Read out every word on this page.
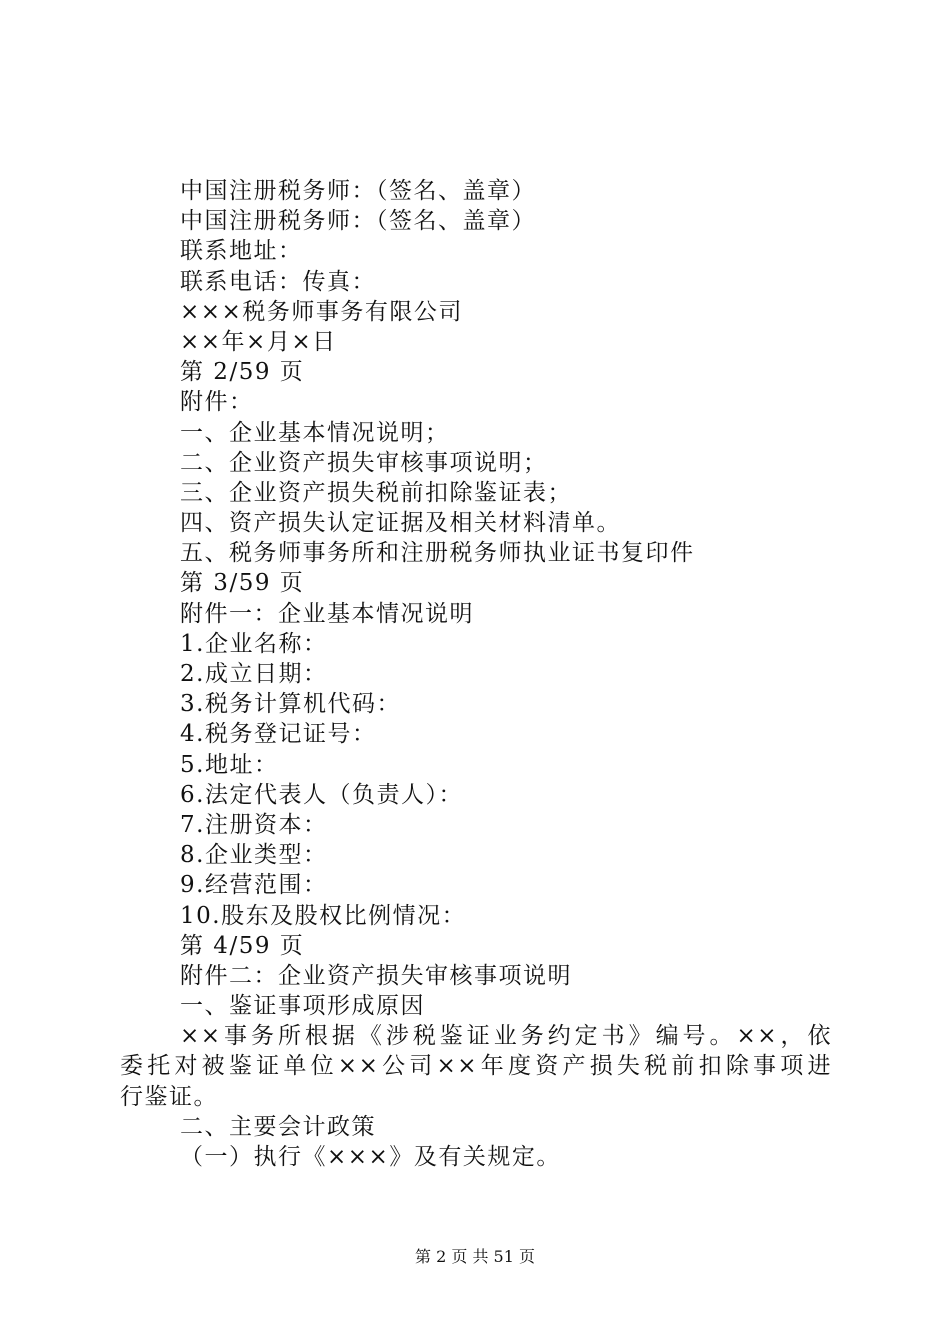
中国注册税务师：（签名、盖章）
中国注册税务师：（签名、盖章）
联系地址：
联系电话：传真：
×××税务师事务有限公司
××年×月×日
第 2/59 页
附件：
一、企业基本情况说明；
二、企业资产损失审核事项说明；
三、企业资产损失税前扣除鉴证表；
四、资产损失认定证据及相关材料清单。
五、税务师事务所和注册税务师执业证书复印件
第 3/59 页
附件一：企业基本情况说明
1.企业名称：
2.成立日期：
3.税务计算机代码：
4.税务登记证号：
5.地址：
6.法定代表人（负责人）：
7.注册资本：
8.企业类型：
9.经营范围：
10.股东及股权比例情况：
第 4/59 页
附件二：企业资产损失审核事项说明
一、鉴证事项形成原因
××事务所根据《涉税鉴证业务约定书》编号。××，依
委托对被鉴证单位××公司××年度资产损失税前扣除事项进
行鉴证。
二、主要会计政策
（一）执行《×××》及有关规定。
第 2 页 共 51 页
